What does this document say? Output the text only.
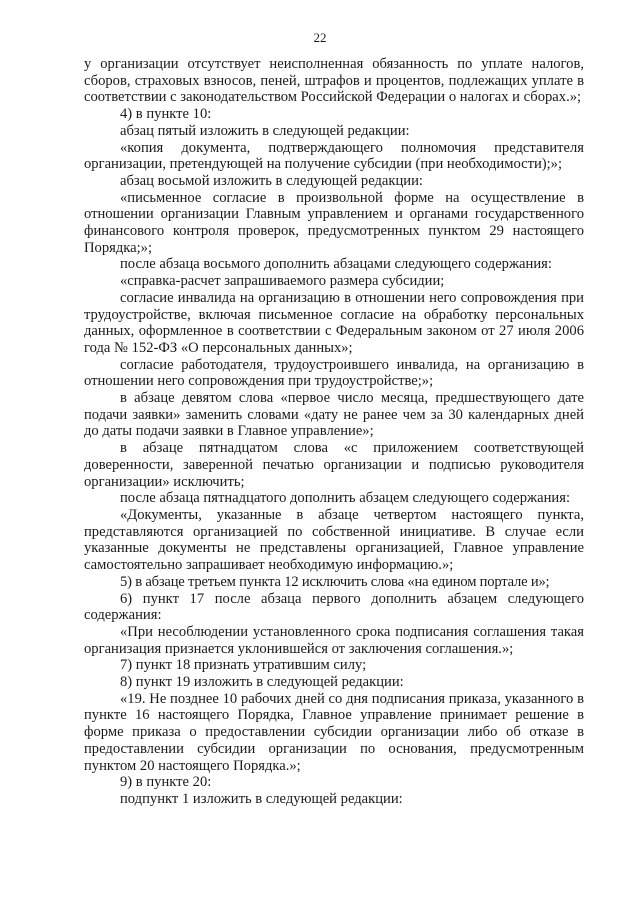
22

у организации отсутствует неисполненная обязанность по уплате налогов, сборов, страховых взносов, пеней, штрафов и процентов, подлежащих уплате в соответствии с законодательством Российской Федерации о налогах и сборах.»;

4) в пункте 10:

абзац пятый изложить в следующей редакции:

«копия документа, подтверждающего полномочия представителя организации, претендующей на получение субсидии (при необходимости);»;

абзац восьмой изложить в следующей редакции:

«письменное согласие в произвольной форме на осуществление в отношении организации Главным управлением и органами государственного финансового контроля проверок, предусмотренных пунктом 29 настоящего Порядка;»;

после абзаца восьмого дополнить абзацами следующего содержания:

«справка-расчет запрашиваемого размера субсидии;

согласие инвалида на организацию в отношении него сопровождения при трудоустройстве, включая письменное согласие на обработку персональных данных, оформленное в соответствии с Федеральным законом от 27 июля 2006 года № 152-ФЗ «О персональных данных»;

согласие работодателя, трудоустроившего инвалида, на организацию в отношении него сопровождения при трудоустройстве;»;

в абзаце девятом слова «первое число месяца, предшествующего дате подачи заявки» заменить словами «дату не ранее чем за 30 календарных дней до даты подачи заявки в Главное управление»;

в абзаце пятнадцатом слова «с приложением соответствующей доверенности, заверенной печатью организации и подписью руководителя организации» исключить;

после абзаца пятнадцатого дополнить абзацем следующего содержания:

«Документы, указанные в абзаце четвертом настоящего пункта, представляются организацией по собственной инициативе. В случае если указанные документы не представлены организацией, Главное управление самостоятельно запрашивает необходимую информацию.»;

5) в абзаце третьем пункта 12 исключить слова «на едином портале и»;

6) пункт 17 после абзаца первого дополнить абзацем следующего содержания:

«При несоблюдении установленного срока подписания соглашения такая организация признается уклонившейся от заключения соглашения.»;

7) пункт 18 признать утратившим силу;

8) пункт 19 изложить в следующей редакции:

«19. Не позднее 10 рабочих дней со дня подписания приказа, указанного в пункте 16 настоящего Порядка, Главное управление принимает решение в форме приказа о предоставлении субсидии организации либо об отказе в предоставлении субсидии организации по основания, предусмотренным пунктом 20 настоящего Порядка.»;

9) в пункте 20:

подпункт 1 изложить в следующей редакции:
